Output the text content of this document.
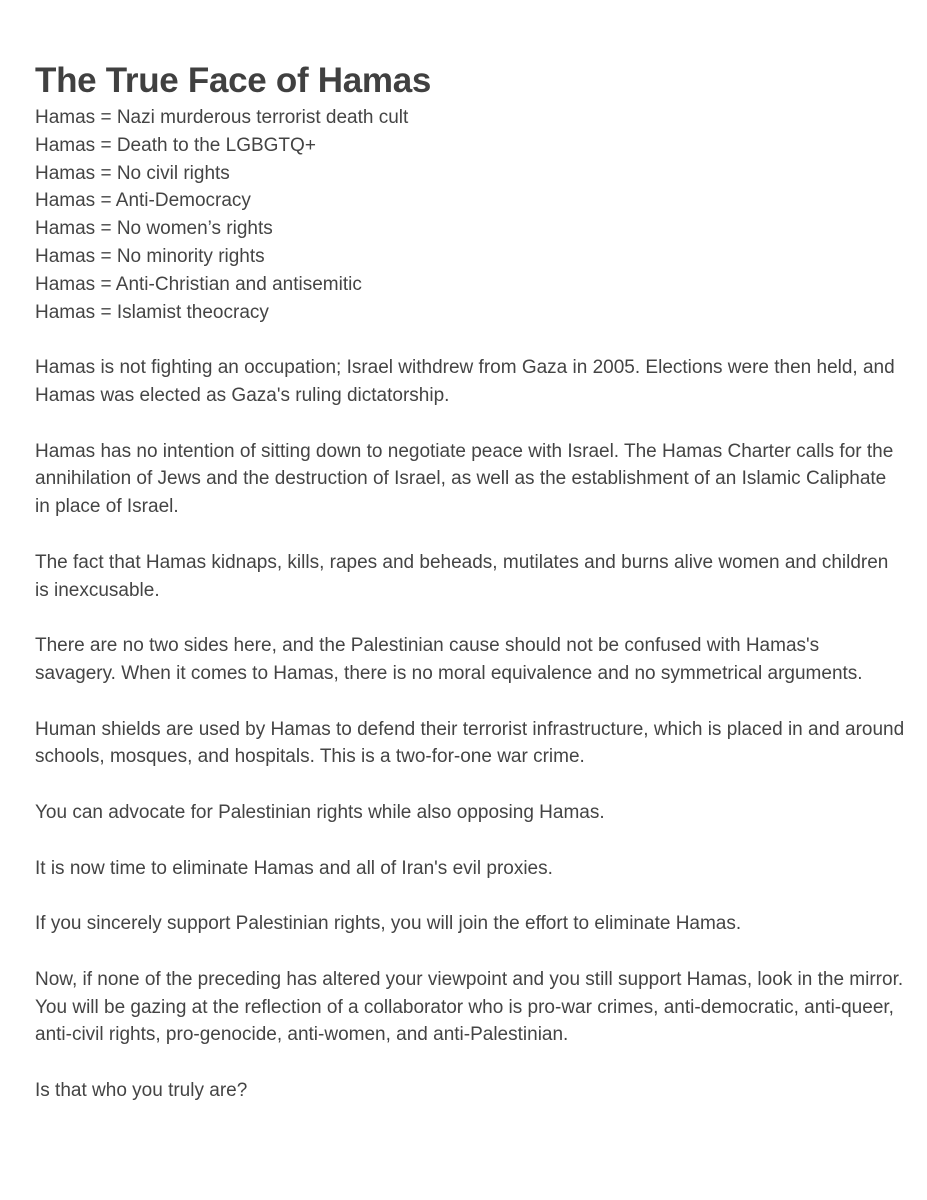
The True Face of Hamas
Hamas = Nazi murderous terrorist death cult
Hamas = Death to the LGBGTQ+
Hamas = No civil rights
Hamas = Anti-Democracy
Hamas = No women’s rights
Hamas = No minority rights
Hamas = Anti-Christian and antisemitic
Hamas = Islamist theocracy

Hamas is not fighting an occupation; Israel withdrew from Gaza in 2005. Elections were then held, and Hamas was elected as Gaza's ruling dictatorship.

Hamas has no intention of sitting down to negotiate peace with Israel. The Hamas Charter calls for the annihilation of Jews and the destruction of Israel, as well as the establishment of an Islamic Caliphate in place of Israel.

The fact that Hamas kidnaps, kills, rapes and beheads, mutilates and burns alive women and children is inexcusable.

There are no two sides here, and the Palestinian cause should not be confused with Hamas's savagery. When it comes to Hamas, there is no moral equivalence and no symmetrical arguments.

Human shields are used by Hamas to defend their terrorist infrastructure, which is placed in and around schools, mosques, and hospitals. This is a two-for-one war crime.

You can advocate for Palestinian rights while also opposing Hamas.

It is now time to eliminate Hamas and all of Iran's evil proxies.

If you sincerely support Palestinian rights, you will join the effort to eliminate Hamas.

Now, if none of the preceding has altered your viewpoint and you still support Hamas, look in the mirror. You will be gazing at the reflection of a collaborator who is pro-war crimes, anti-democratic, anti-queer, anti-civil rights, pro-genocide, anti-women, and anti-Palestinian.

Is that who you truly are?
